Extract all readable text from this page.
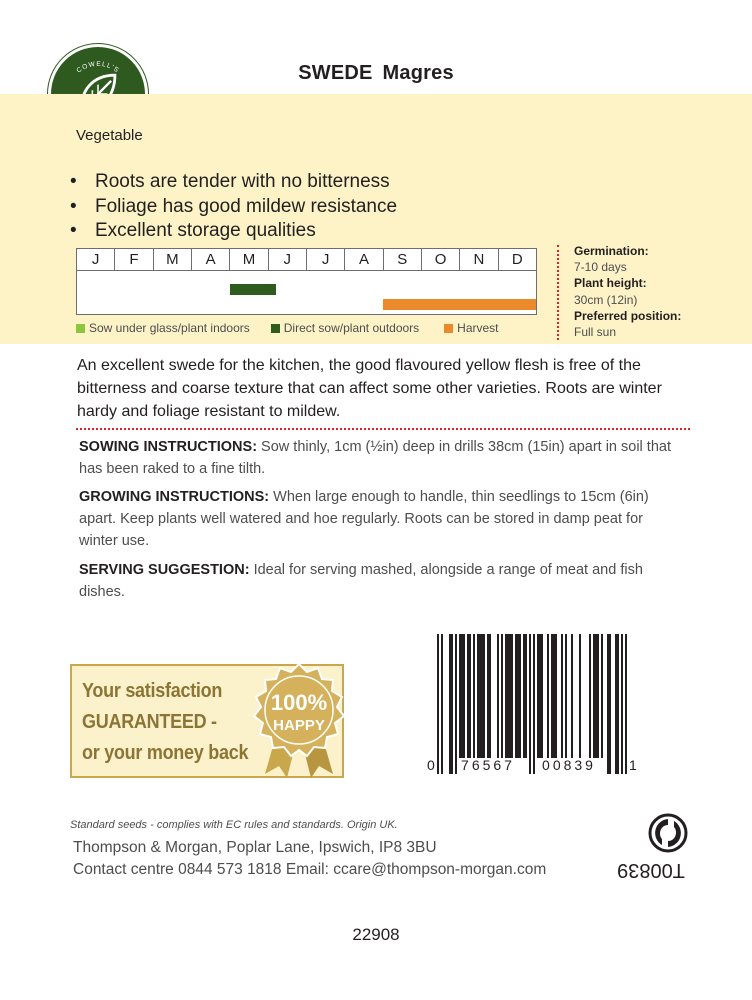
COWELL'S	SWEDE Magres
Vegetable
• Roots are tender with no bitterness
• Foliage has good mildew resistance
• Excellent storage qualities
J	F	M	A	M	J	J	A	S	O	N	D
Sow under glass/plant indoors	Direct sow/plant outdoors	Harvest
Germination:
7-10 days
Plant height:
30cm (12in)
Preferred position:
Full sun
An excellent swede for the kitchen, the good flavoured yellow flesh is free of the bitterness and coarse texture that can affect some other varieties. Roots are winter hardy and foliage resistant to mildew.
SOWING INSTRUCTIONS: Sow thinly, 1cm (½in) deep in drills 38cm (15in) apart in soil that has been raked to a fine tilth.
GROWING INSTRUCTIONS: When large enough to handle, thin seedlings to 15cm (6in) apart. Keep plants well watered and hoe regularly. Roots can be stored in damp peat for winter use.
SERVING SUGGESTION: Ideal for serving mashed, alongside a range of meat and fish dishes.
Your satisfaction
GUARANTEED -
or your money back
100%
HAPPY
0 76567 00839 1
Standard seeds - complies with EC rules and standards. Origin UK.
Thompson & Morgan, Poplar Lane, Ipswich, IP8 3BU
Contact centre 0844 573 1818 Email: ccare@thompson-morgan.com	T00839
22908
